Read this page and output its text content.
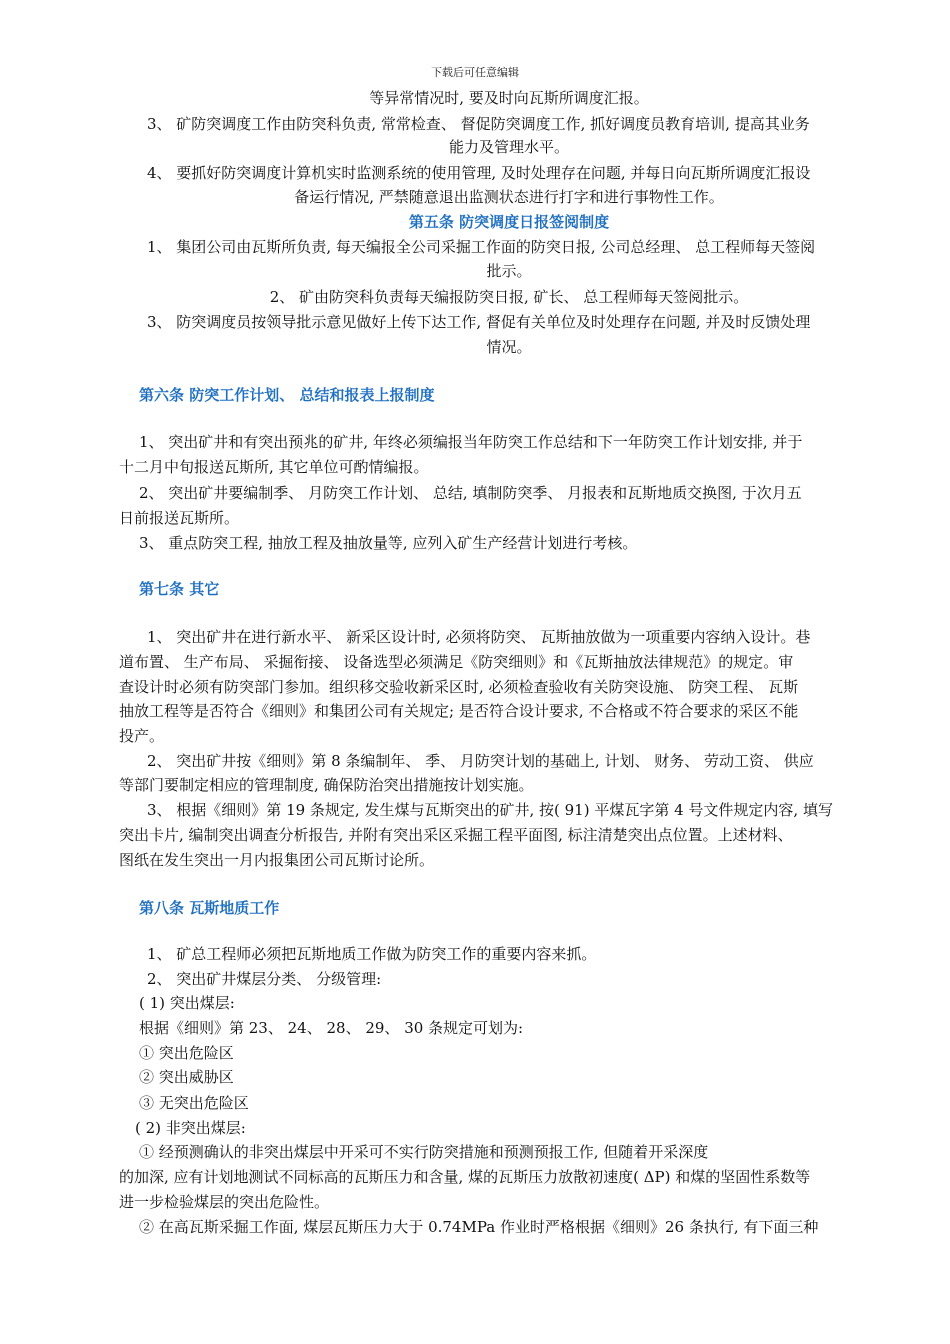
下载后可任意编辑
等异常情况时, 要及时向瓦斯所调度汇报。
3、 矿防突调度工作由防突科负责, 常常检查、 督促防突调度工作, 抓好调度员教育培训, 提高其业务
能力及管理水平。
4、 要抓好防突调度计算机实时监测系统的使用管理, 及时处理存在问题, 并每日向瓦斯所调度汇报设
备运行情况, 严禁随意退出监测状态进行打字和进行事物性工作。
第五条 防突调度日报签阅制度
1、 集团公司由瓦斯所负责, 每天编报全公司采掘工作面的防突日报, 公司总经理、 总工程师每天签阅
批示。
2、 矿由防突科负责每天编报防突日报, 矿长、 总工程师每天签阅批示。
3、 防突调度员按领导批示意见做好上传下达工作, 督促有关单位及时处理存在问题, 并及时反馈处理
情况。
第六条 防突工作计划、 总结和报表上报制度
1、 突出矿井和有突出预兆的矿井, 年终必须编报当年防突工作总结和下一年防突工作计划安排, 并于
十二月中旬报送瓦斯所, 其它单位可酌情编报。
2、 突出矿井要编制季、 月防突工作计划、 总结, 填制防突季、 月报表和瓦斯地质交换图, 于次月五
日前报送瓦斯所。
3、 重点防突工程, 抽放工程及抽放量等, 应列入矿生产经营计划进行考核。
第七条 其它
1、 突出矿井在进行新水平、 新采区设计时, 必须将防突、 瓦斯抽放做为一项重要内容纳入设计。巷
道布置、 生产布局、 采掘衔接、 设备选型必须满足《防突细则》和《瓦斯抽放法律规范》的规定。审
查设计时必须有防突部门参加。组织移交验收新采区时, 必须检查验收有关防突设施、 防突工程、 瓦斯
抽放工程等是否符合《细则》和集团公司有关规定; 是否符合设计要求, 不合格或不符合要求的采区不能
投产。
2、 突出矿井按《细则》第 8 条编制年、 季、 月防突计划的基础上, 计划、 财务、 劳动工资、 供应
等部门要制定相应的管理制度, 确保防治突出措施按计划实施。
3、 根据《细则》第 19 条规定, 发生煤与瓦斯突出的矿井, 按( 91) 平煤瓦字第 4 号文件规定内容, 填写
突出卡片, 编制突出调查分析报告, 并附有突出采区采掘工程平面图, 标注清楚突出点位置。上述材料、
图纸在发生突出一月内报集团公司瓦斯讨论所。
第八条 瓦斯地质工作
1、 矿总工程师必须把瓦斯地质工作做为防突工作的重要内容来抓。
2、 突出矿井煤层分类、 分级管理:
( 1) 突出煤层:
根据《细则》第 23、 24、 28、 29、 30 条规定可划为:
① 突出危险区
② 突出威胁区
③ 无突出危险区
( 2) 非突出煤层:
① 经预测确认的非突出煤层中开采可不实行防突措施和预测预报工作, 但随着开采深度
的加深, 应有计划地测试不同标高的瓦斯压力和含量, 煤的瓦斯压力放散初速度( ΔP) 和煤的坚固性系数等
进一步检验煤层的突出危险性。
② 在高瓦斯采掘工作面, 煤层瓦斯压力大于 0.74MPa 作业时严格根据《细则》26 条执行, 有下面三种
